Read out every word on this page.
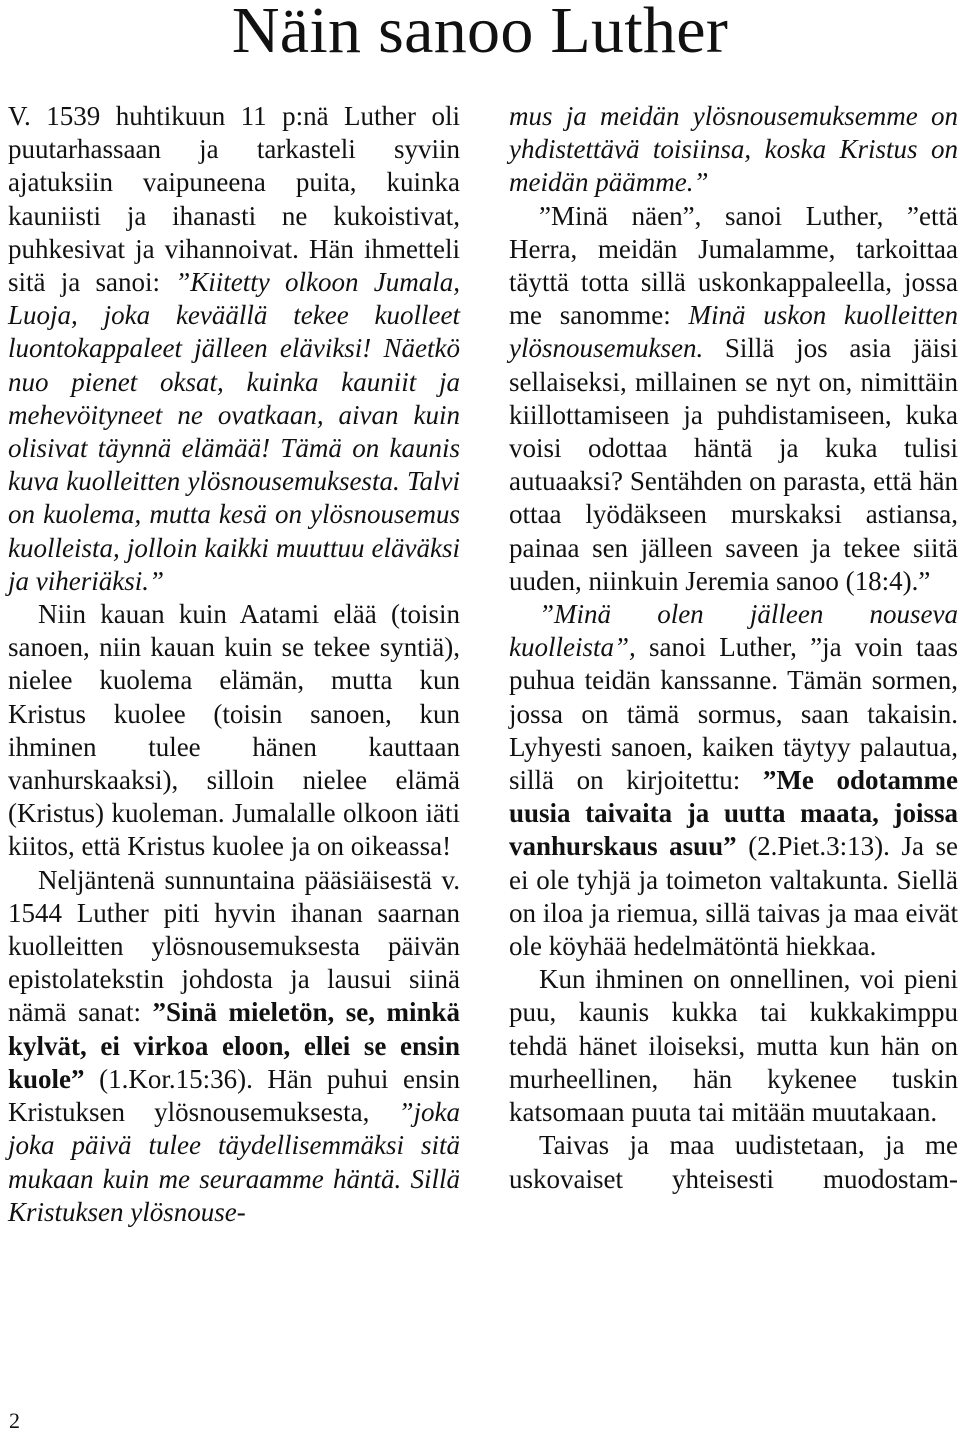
Näin sanoo Luther

V. 1539 huhtikuun 11 p:nä Luther oli puutarhassaan ja tarkasteli syviin ajatuksiin vaipuneena puita, kuinka kauniisti ja ihanasti ne kukoistivat, puhkesivat ja vihannoivat. Hän ihmetteli sitä ja sanoi: ”Kiitetty olkoon Jumala, Luoja, joka keväällä tekee kuolleet luontokappaleet jälleen eläviksi! Näetkö nuo pienet oksat, kuinka kauniit ja mehevöityneet ne ovatkaan, aivan kuin olisivat täynnä elämää! Tämä on kaunis kuva kuolleitten ylösnousemuksesta. Talvi on kuolema, mutta kesä on ylösnousemus kuolleista, jolloin kaikki muuttuu eläväksi ja viheriäksi.”

Niin kauan kuin Aatami elää (toisin sanoen, niin kauan kuin se tekee syntiä), nielee kuolema elämän, mutta kun Kristus kuolee (toisin sanoen, kun ihminen tulee hänen kauttaan vanhurskaaksi), silloin nielee elämä (Kristus) kuoleman. Jumalalle olkoon iäti kiitos, että Kristus kuolee ja on oikeassa!

Neljäntenä sunnuntaina pääsiäisestä v. 1544 Luther piti hyvin ihanan saarnan kuolleitten ylösnousemuksesta päivän epistolatekstin johdosta ja lausui siinä nämä sanat: ”Sinä mieletön, se, minkä kylvät, ei virkoa eloon, ellei se ensin kuole” (1.Kor.15:36). Hän puhui ensin Kristuksen ylösnousemuksesta, ”joka joka päivä tulee täydellisemmäksi sitä mukaan kuin me seuraamme häntä. Sillä Kristuksen ylösnouse-

mus ja meidän ylösnousemuksemme on yhdistettävä toisiinsa, koska Kristus on meidän päämme.”

”Minä näen”, sanoi Luther, ”että Herra, meidän Jumalamme, tarkoittaa täyttä totta sillä uskonkappaleella, jossa me sanomme: Minä uskon kuolleitten ylösnousemuksen. Sillä jos asia jäisi sellaiseksi, millainen se nyt on, nimittäin kiillottamiseen ja puhdistamiseen, kuka voisi odottaa häntä ja kuka tulisi autuaaksi? Sentähden on parasta, että hän ottaa lyödäkseen murskaksi astiansa, painaa sen jälleen saveen ja tekee siitä uuden, niinkuin Jeremia sanoo (18:4).”

”Minä olen jälleen nouseva kuolleista”, sanoi Luther, ”ja voin taas puhua teidän kanssanne. Tämän sormen, jossa on tämä sormus, saan takaisin. Lyhyesti sanoen, kaiken täytyy palautua, sillä on kirjoitettu: ”Me odotamme uusia taivaita ja uutta maata, joissa vanhurskaus asuu” (2.Piet.3:13). Ja se ei ole tyhjä ja toimeton valtakunta. Siellä on iloa ja riemua, sillä taivas ja maa eivät ole köyhää hedelmätöntä hiekkaa.

Kun ihminen on onnellinen, voi pieni puu, kaunis kukka tai kukkakimppu tehdä hänet iloiseksi, mutta kun hän on murheellinen, hän kykenee tuskin katsomaan puuta tai mitään muutakaan.

Taivas ja maa uudistetaan, ja me uskovaiset yhteisesti muodostam-

2
